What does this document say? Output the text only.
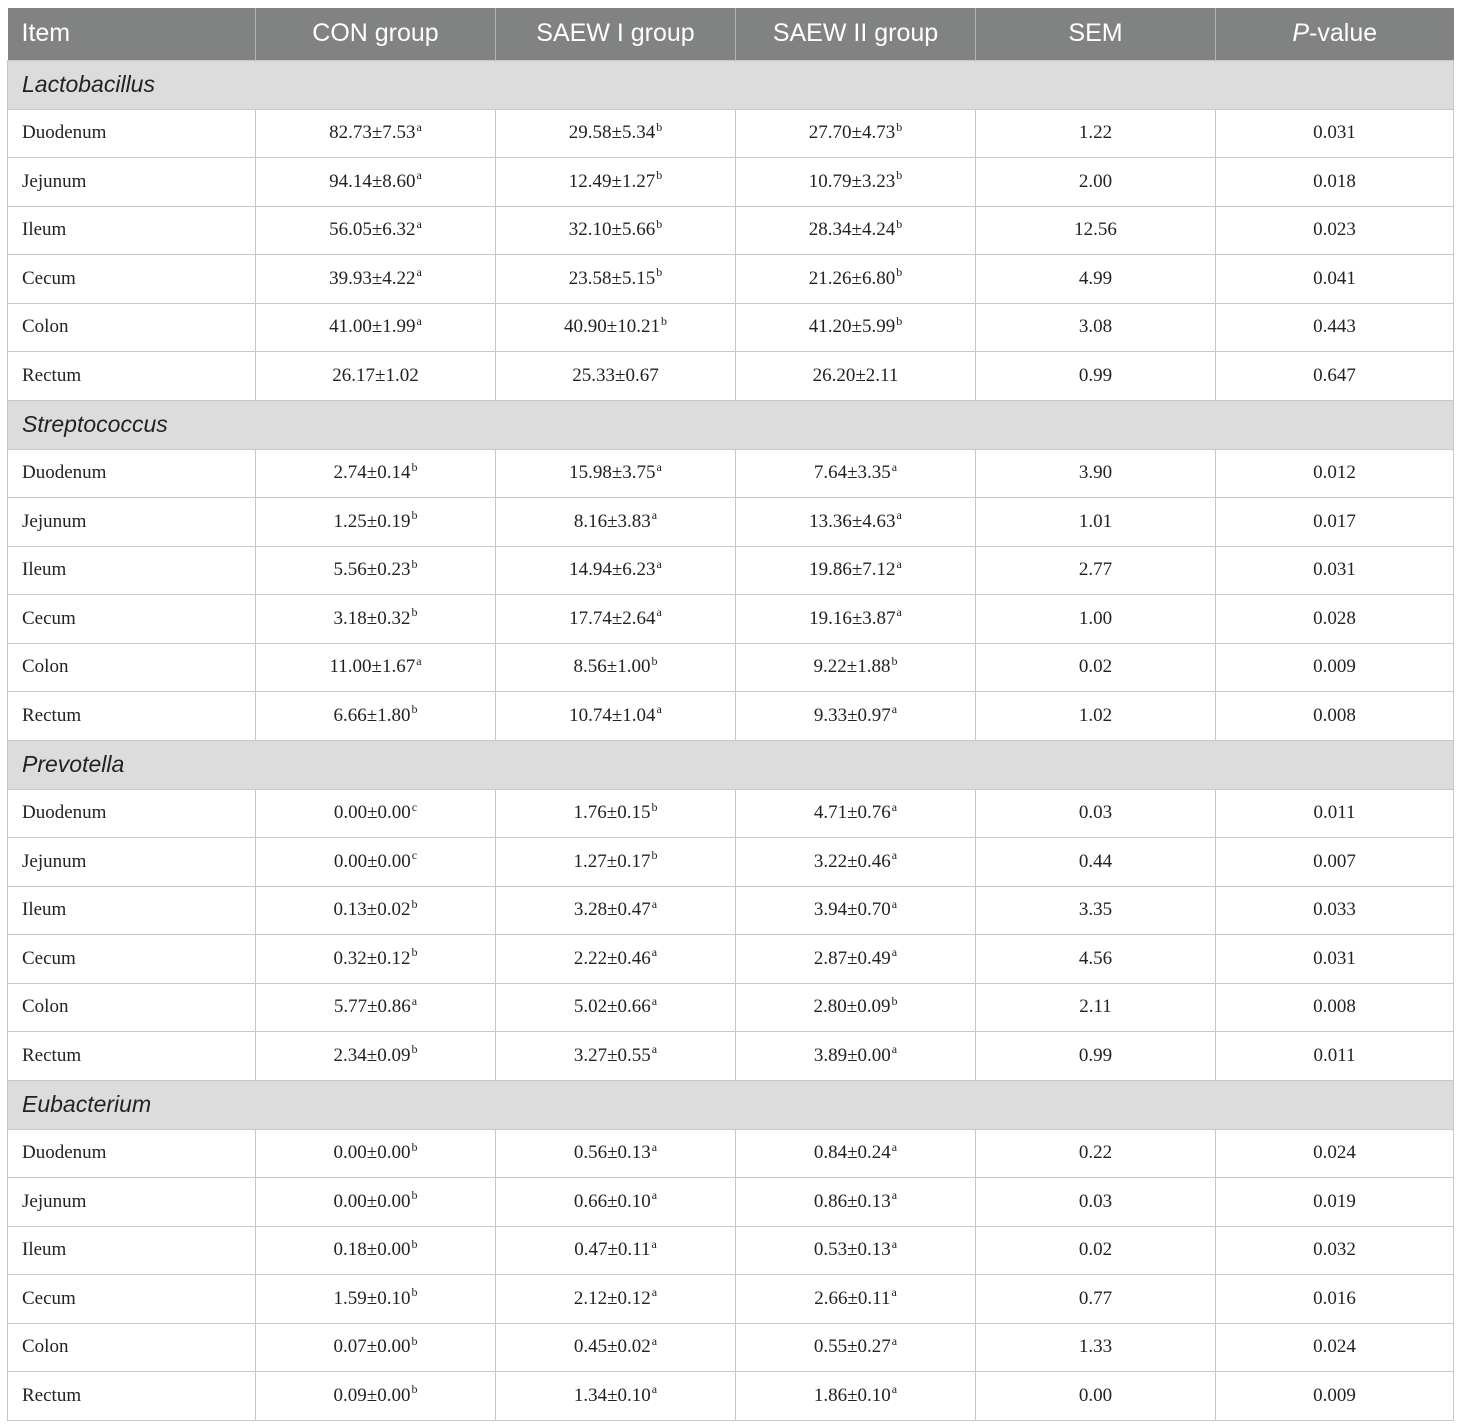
Item	CON group	SAEW I group	SAEW II group	SEM	P-value
Lactobacillus					
Duodenum	82.73±7.53$^a$	29.58±5.34$^b$	27.70±4.73$^b$	1.22	0.031
Jejunum	94.14±8.60$^a$	12.49±1.27$^b$	10.79±3.23$^b$	2.00	0.018
Ileum	56.05±6.32$^a$	32.10±5.66$^b$	28.34±4.24$^b$	12.56	0.023
Cecum	39.93±4.22$^a$	23.58±5.15$^b$	21.26±6.80$^b$	4.99	0.041
Colon	41.00±1.99$^a$	40.90±10.21$^b$	41.20±5.99$^b$	3.08	0.443
Rectum	26.17±1.02	25.33±0.67	26.20±2.11	0.99	0.647
Streptococcus					
Duodenum	2.74±0.14$^b$	15.98±3.75$^a$	7.64±3.35$^a$	3.90	0.012
Jejunum	1.25±0.19$^b$	8.16±3.83$^a$	13.36±4.63$^a$	1.01	0.017
Ileum	5.56±0.23$^b$	14.94±6.23$^a$	19.86±7.12$^a$	2.77	0.031
Cecum	3.18±0.32$^b$	17.74±2.64$^a$	19.16±3.87$^a$	1.00	0.028
Colon	11.00±1.67$^a$	8.56±1.00$^b$	9.22±1.88$^b$	0.02	0.009
Rectum	6.66±1.80$^b$	10.74±1.04$^a$	9.33±0.97$^a$	1.02	0.008
Prevotella					
Duodenum	0.00±0.00$^c$	1.76±0.15$^b$	4.71±0.76$^a$	0.03	0.011
Jejunum	0.00±0.00$^c$	1.27±0.17$^b$	3.22±0.46$^a$	0.44	0.007
Ileum	0.13±0.02$^b$	3.28±0.47$^a$	3.94±0.70$^a$	3.35	0.033
Cecum	0.32±0.12$^b$	2.22±0.46$^a$	2.87±0.49$^a$	4.56	0.031
Colon	5.77±0.86$^a$	5.02±0.66$^a$	2.80±0.09$^b$	2.11	0.008
Rectum	2.34±0.09$^b$	3.27±0.55$^a$	3.89±0.00$^a$	0.99	0.011
Eubacterium					
Duodenum	0.00±0.00$^b$	0.56±0.13$^a$	0.84±0.24$^a$	0.22	0.024
Jejunum	0.00±0.00$^b$	0.66±0.10$^a$	0.86±0.13$^a$	0.03	0.019
Ileum	0.18±0.00$^b$	0.47±0.11$^a$	0.53±0.13$^a$	0.02	0.032
Cecum	1.59±0.10$^b$	2.12±0.12$^a$	2.66±0.11$^a$	0.77	0.016
Colon	0.07±0.00$^b$	0.45±0.02$^a$	0.55±0.27$^a$	1.33	0.024
Rectum	0.09±0.00$^b$	1.34±0.10$^a$	1.86±0.10$^a$	0.00	0.009
